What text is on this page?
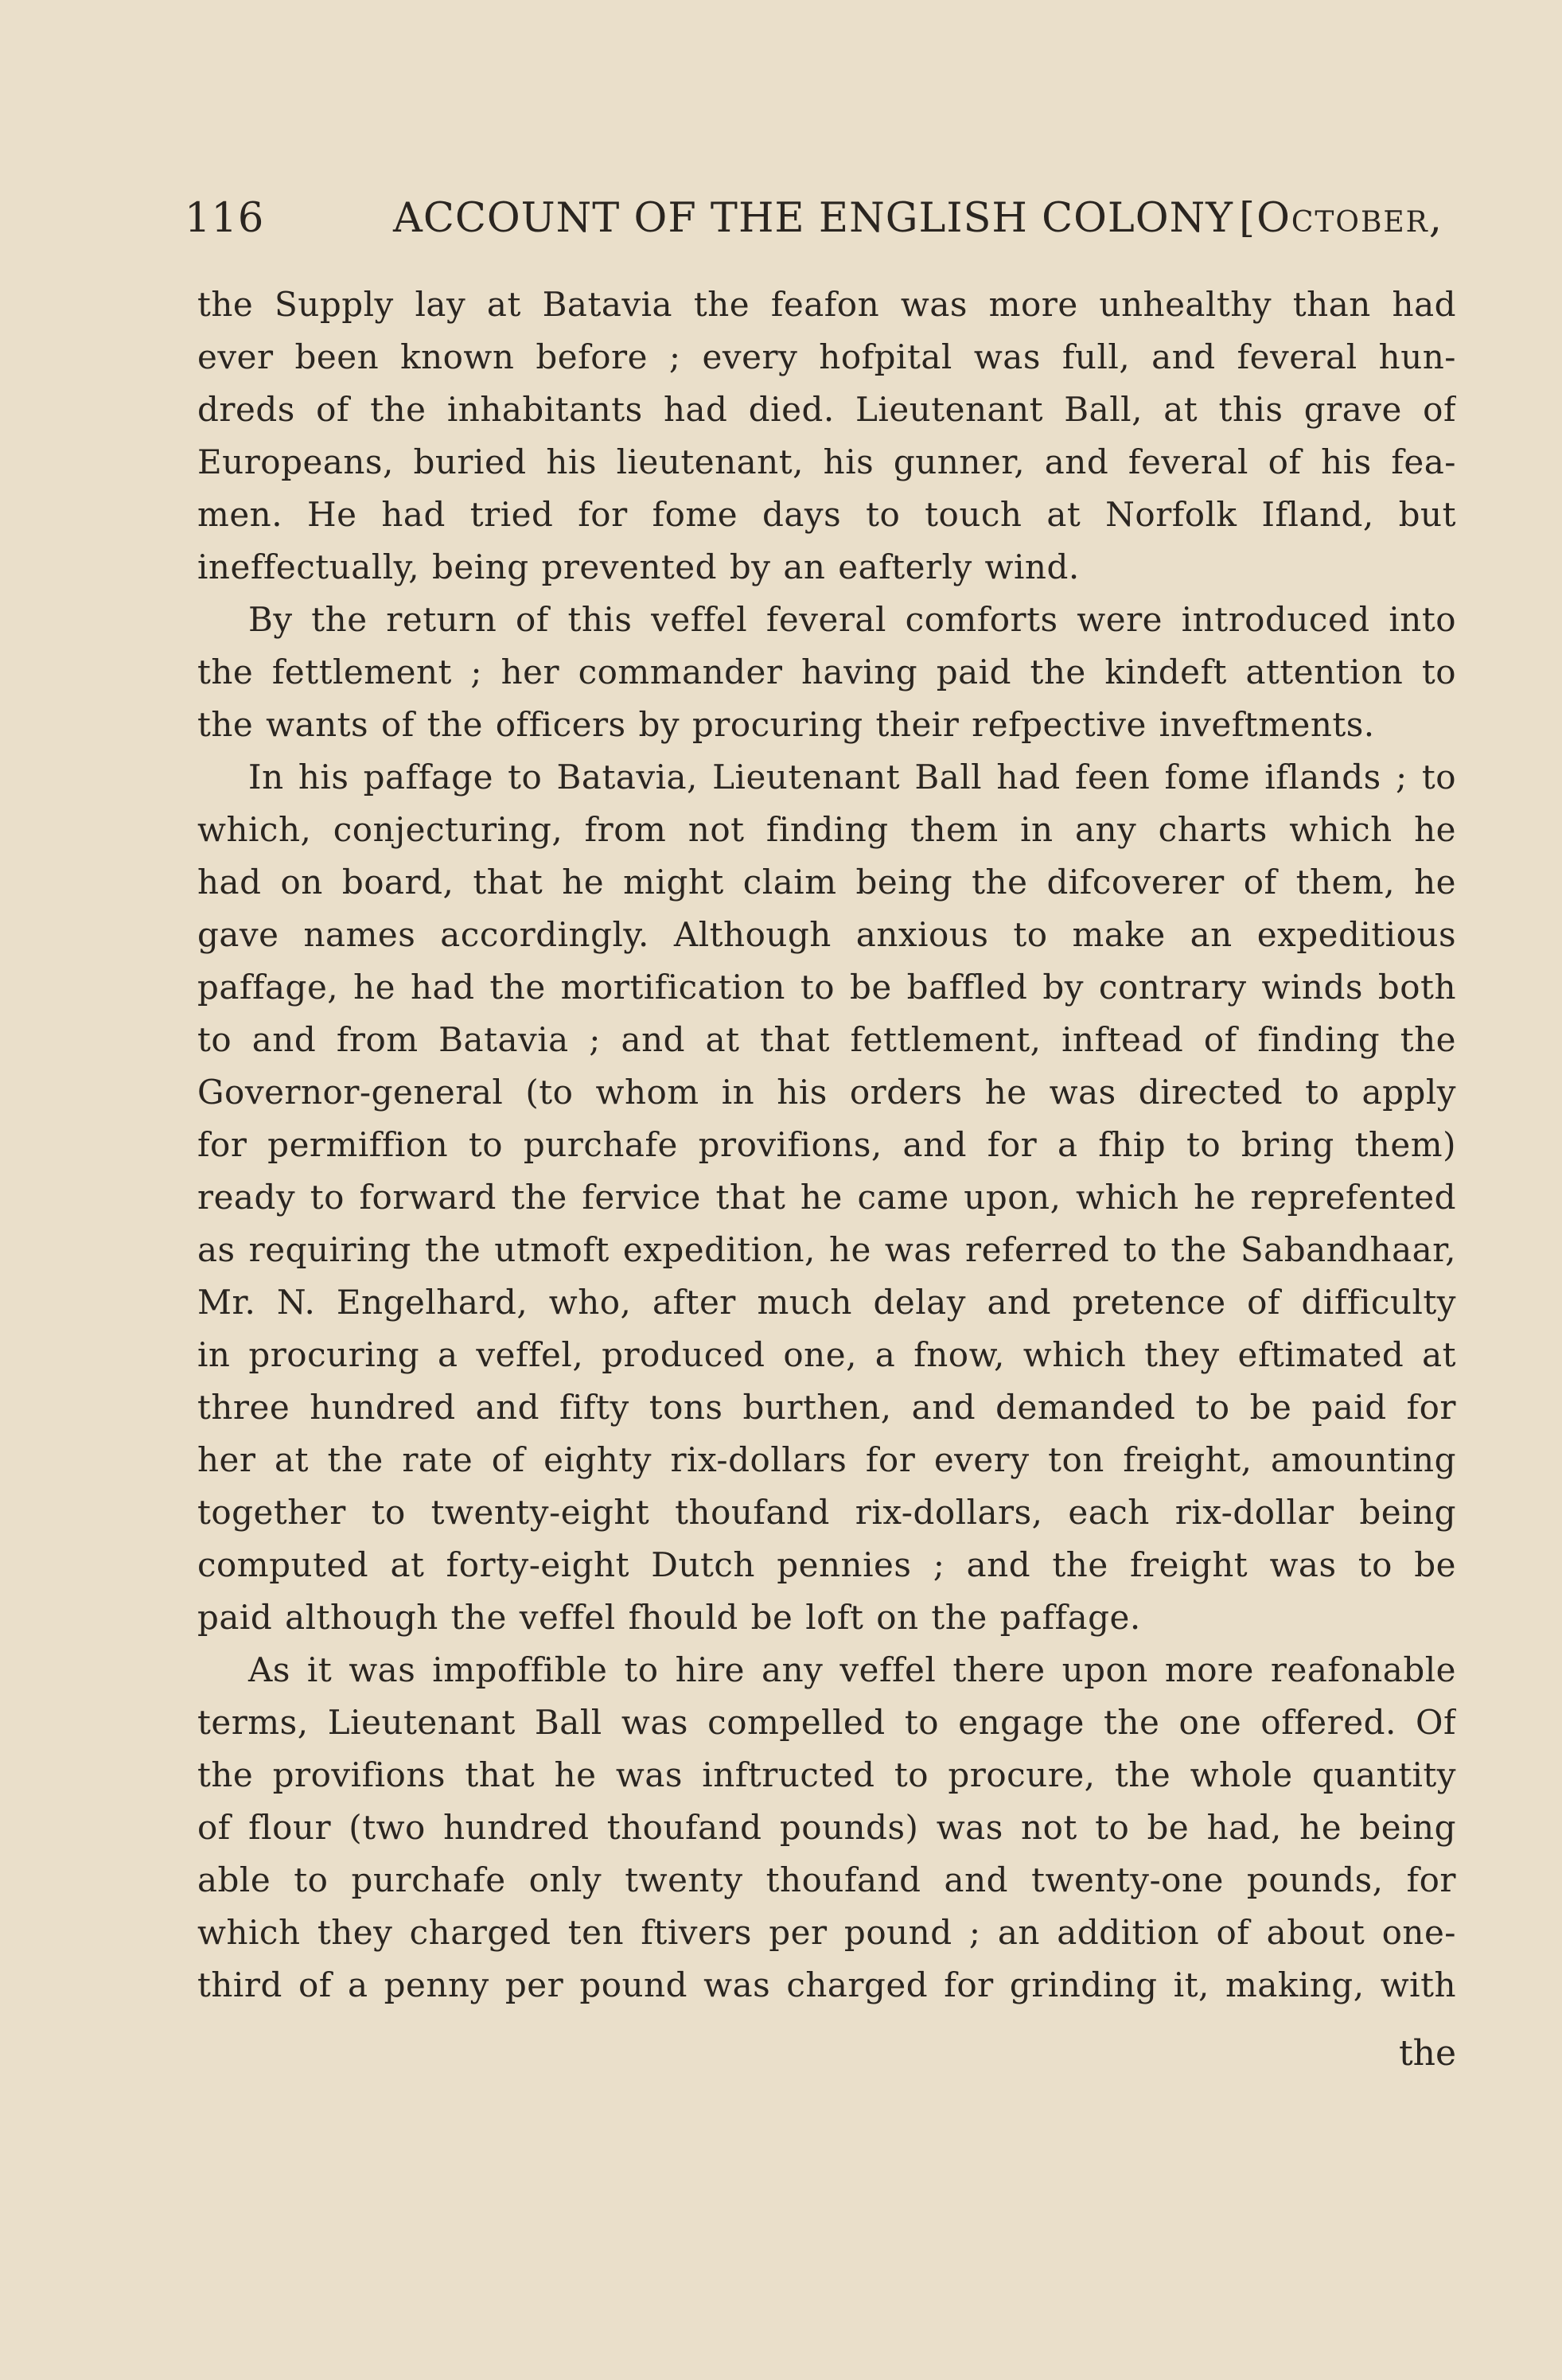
116	ACCOUNT OF THE ENGLISH COLONY [October,
the Supply lay at Batavia the feafon was more unhealthy than had
ever been known before ; every hofpital was full, and feveral hun-
dreds of the inhabitants had died. Lieutenant Ball, at this grave of
Europeans, buried his lieutenant, his gunner, and feveral of his fea-
men. He had tried for fome days to touch at Norfolk Ifland, but
ineffectually, being prevented by an eafterly wind.
By the return of this veffel feveral comforts were introduced into
the fettlement ; her commander having paid the kindeft attention to
the wants of the officers by procuring their refpective inveftments.
In his paffage to Batavia, Lieutenant Ball had feen fome iflands ; to
which, conjecturing, from not finding them in any charts which he
had on board, that he might claim being the difcoverer of them, he
gave names accordingly. Although anxious to make an expeditious
paffage, he had the mortification to be baffled by contrary winds both
to and from Batavia ; and at that fettlement, inftead of finding the
Governor-general (to whom in his orders he was directed to apply
for permiffion to purchafe provifions, and for a fhip to bring them)
ready to forward the fervice that he came upon, which he reprefented
as requiring the utmoft expedition, he was referred to the Sabandhaar,
Mr. N. Engelhard, who, after much delay and pretence of difficulty
in procuring a veffel, produced one, a fnow, which they eftimated at
three hundred and fifty tons burthen, and demanded to be paid for
her at the rate of eighty rix-dollars for every ton freight, amounting
together to twenty-eight thoufand rix-dollars, each rix-dollar being
computed at forty-eight Dutch pennies ; and the freight was to be
paid although the veffel fhould be loft on the paffage.
As it was impoffible to hire any veffel there upon more reafonable
terms, Lieutenant Ball was compelled to engage the one offered. Of
the provifions that he was inftructed to procure, the whole quantity
of flour (two hundred thoufand pounds) was not to be had, he being
able to purchafe only twenty thoufand and twenty-one pounds, for
which they charged ten ftivers per pound ; an addition of about one-
third of a penny per pound was charged for grinding it, making, with
the
